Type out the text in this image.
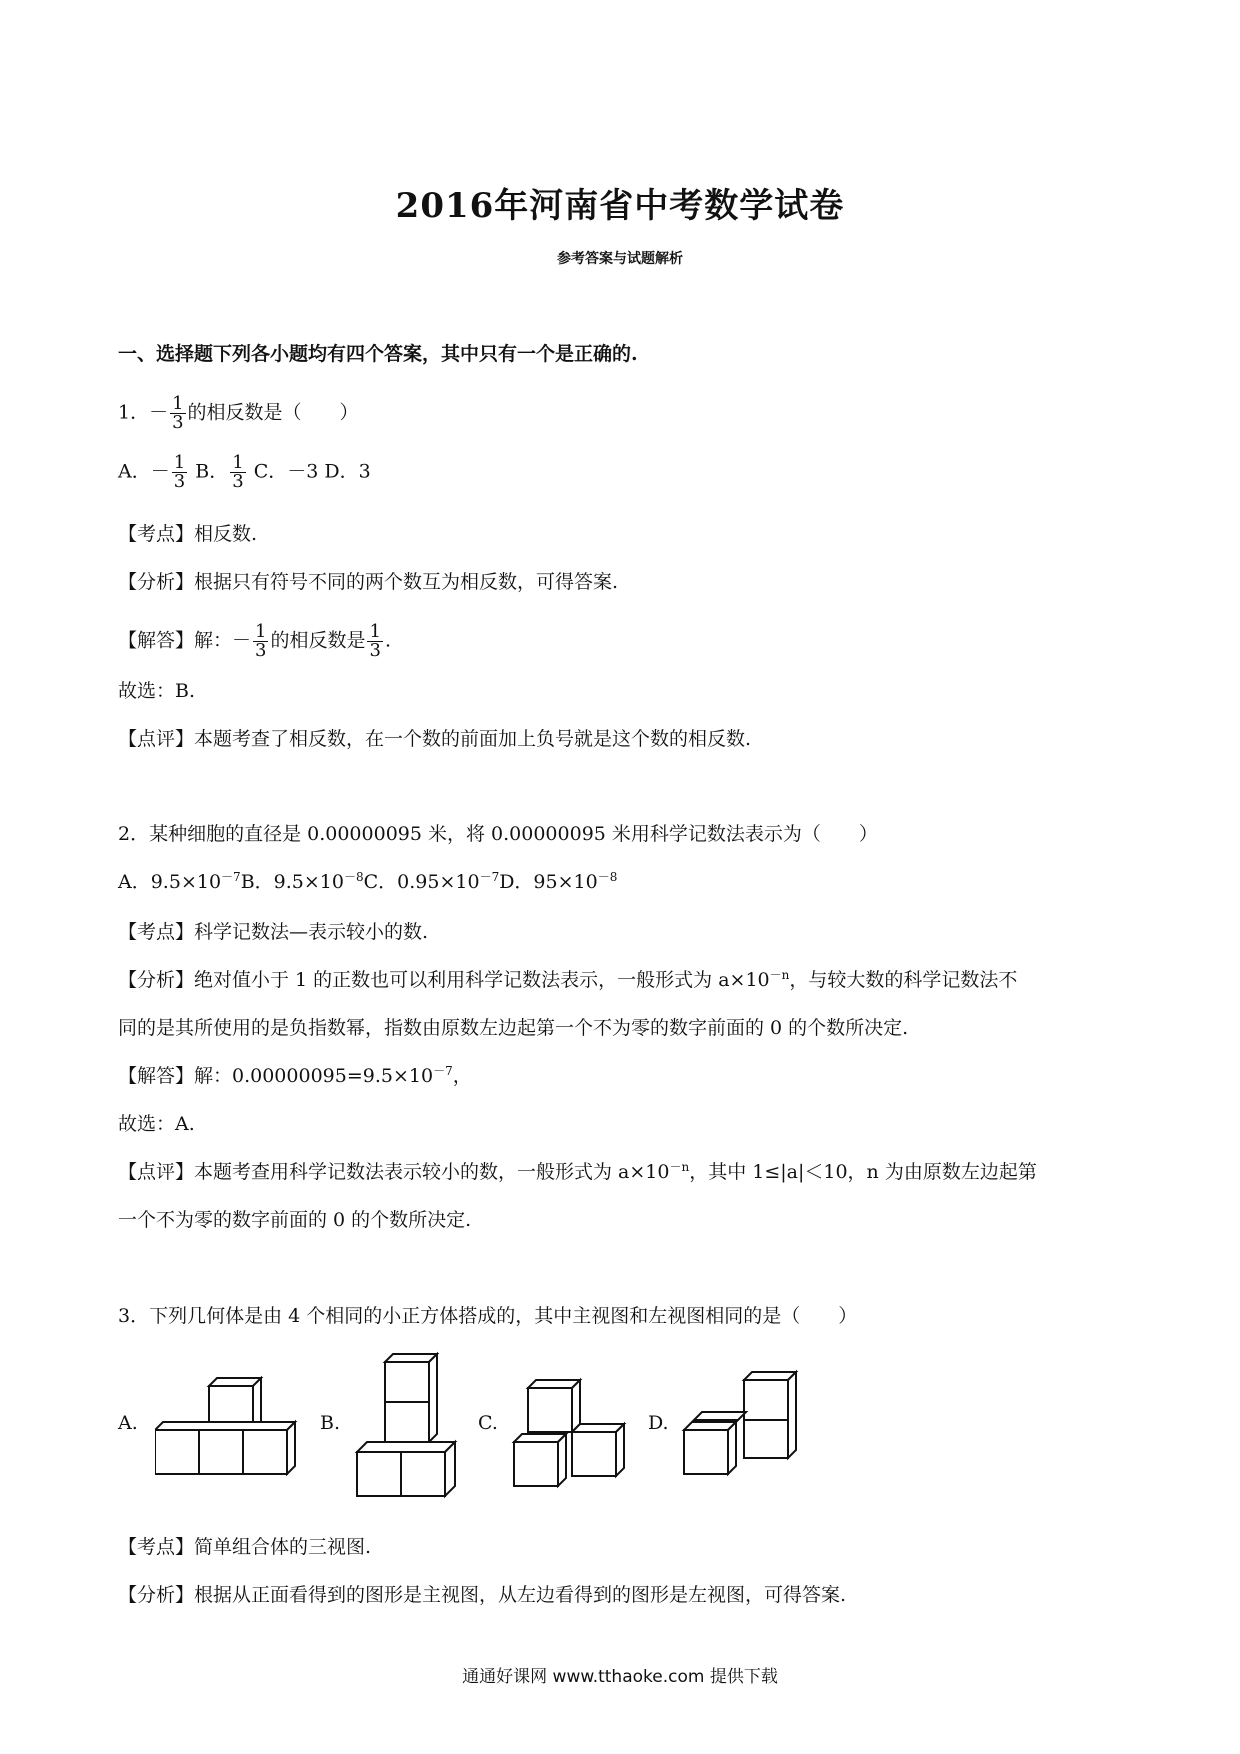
2016年河南省中考数学试卷
参考答案与试题解析
一、选择题下列各小题均有四个答案，其中只有一个是正确的.
1．－ $\frac{1}{3}$ 的相反数是（　　）
A．－ $\frac{1}{3}$ B． $\frac{1}{3}$ C．－3 D．3
【考点】相反数.
【分析】根据只有符号不同的两个数互为相反数，可得答案.
【解答】解：－ $\frac{1}{3}$ 的相反数是 $\frac{1}{3}$ .
故选：B.
【点评】本题考查了相反数，在一个数的前面加上负号就是这个数的相反数.
2．某种细胞的直径是 0.00000095 米，将 0.00000095 米用科学记数法表示为（　　）
A．$9.5\times 10^{-7}B$．$9.5\times 10^{-8}C$．$0.95\times 10^{-7}D$．$95\times 10^{-8}$
【考点】科学记数法—表示较小的数.
【分析】绝对值小于 1 的正数也可以利用科学记数法表示，一般形式为 $a\times 10^{-n}$，与较大数的科学记数法不
同的是其所使用的是负指数幂，指数由原数左边起第一个不为零的数字前面的 0 的个数所决定.
【解答】解：$0.00000095=9.5\times 10^{-7}$，
故选：A.
【点评】本题考查用科学记数法表示较小的数，一般形式为 $a\times 10^{-n}$，其中 1≤|a|＜10，n 为由原数左边起第
一个不为零的数字前面的 0 的个数所决定.
3．下列几何体是由 4 个相同的小正方体搭成的，其中主视图和左视图相同的是（　　）
A.	B.	C.	D.
【考点】简单组合体的三视图.
【分析】根据从正面看得到的图形是主视图，从左边看得到的图形是左视图，可得答案.
通通好课网 www.tthaoke.com 提供下载
